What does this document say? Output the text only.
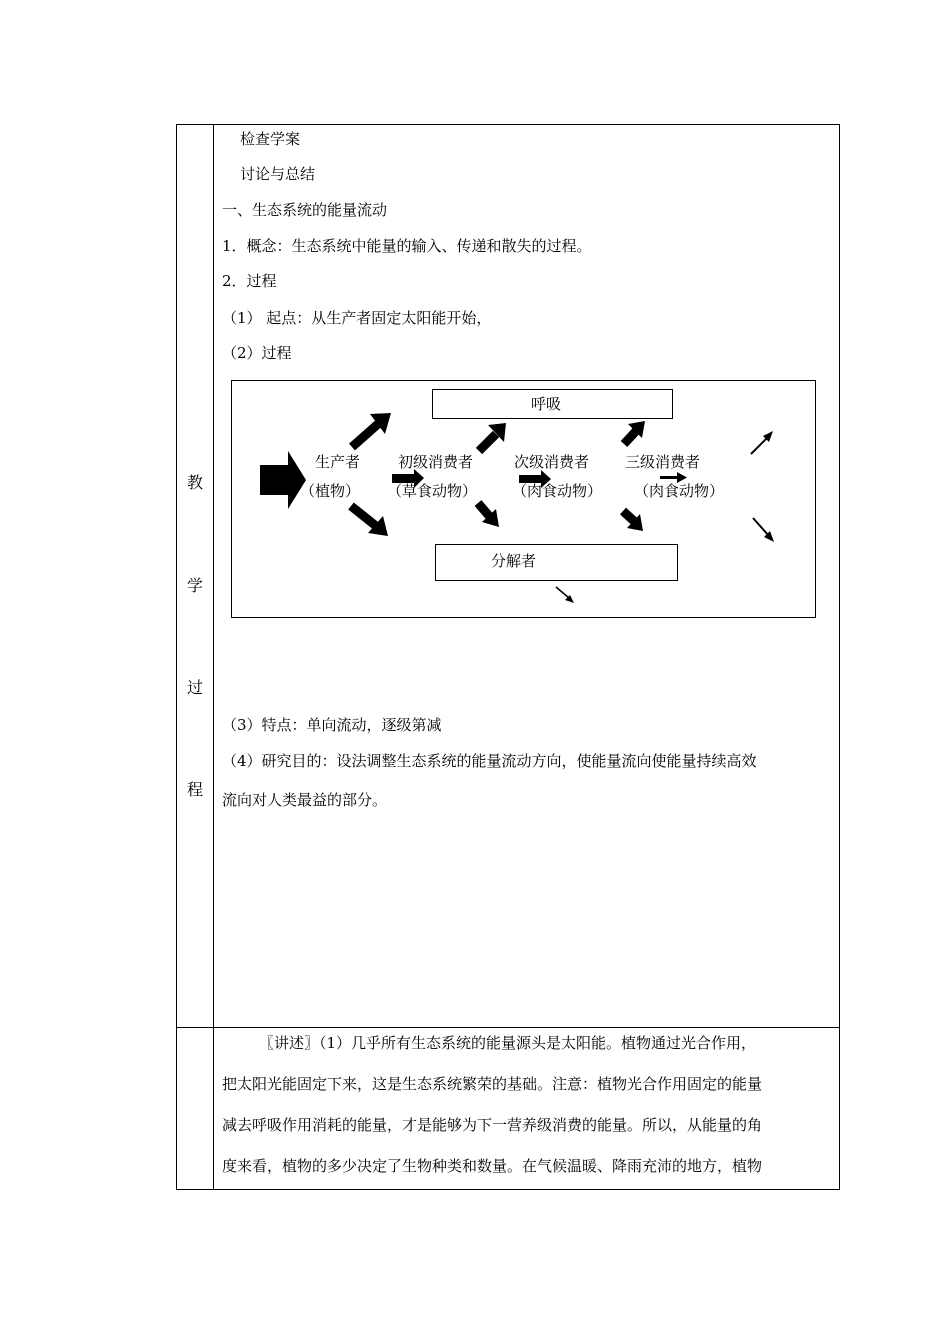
教
学
过
程
检查学案
讨论与总结
一、生态系统的能量流动
1．概念：生态系统中能量的输入、传递和散失的过程。
2．过程
（1） 起点：从生产者固定太阳能开始，
（2）过程
呼吸
分解者
生产者
（植物）
初级消费者
（草食动物）
次级消费者
（肉食动物）
三级消费者
（肉食动物）
（3）特点：单向流动，逐级第减
（4）研究目的：设法调整生态系统的能量流动方向，使能量流向使能量持续高效
流向对人类最益的部分。
〖讲述〗（1）几乎所有生态系统的能量源头是太阳能。植物通过光合作用，
把太阳光能固定下来，这是生态系统繁荣的基础。注意：植物光合作用固定的能量
减去呼吸作用消耗的能量，才是能够为下一营养级消费的能量。所以，从能量的角
度来看，植物的多少决定了生物种类和数量。在气候温暖、降雨充沛的地方，植物
